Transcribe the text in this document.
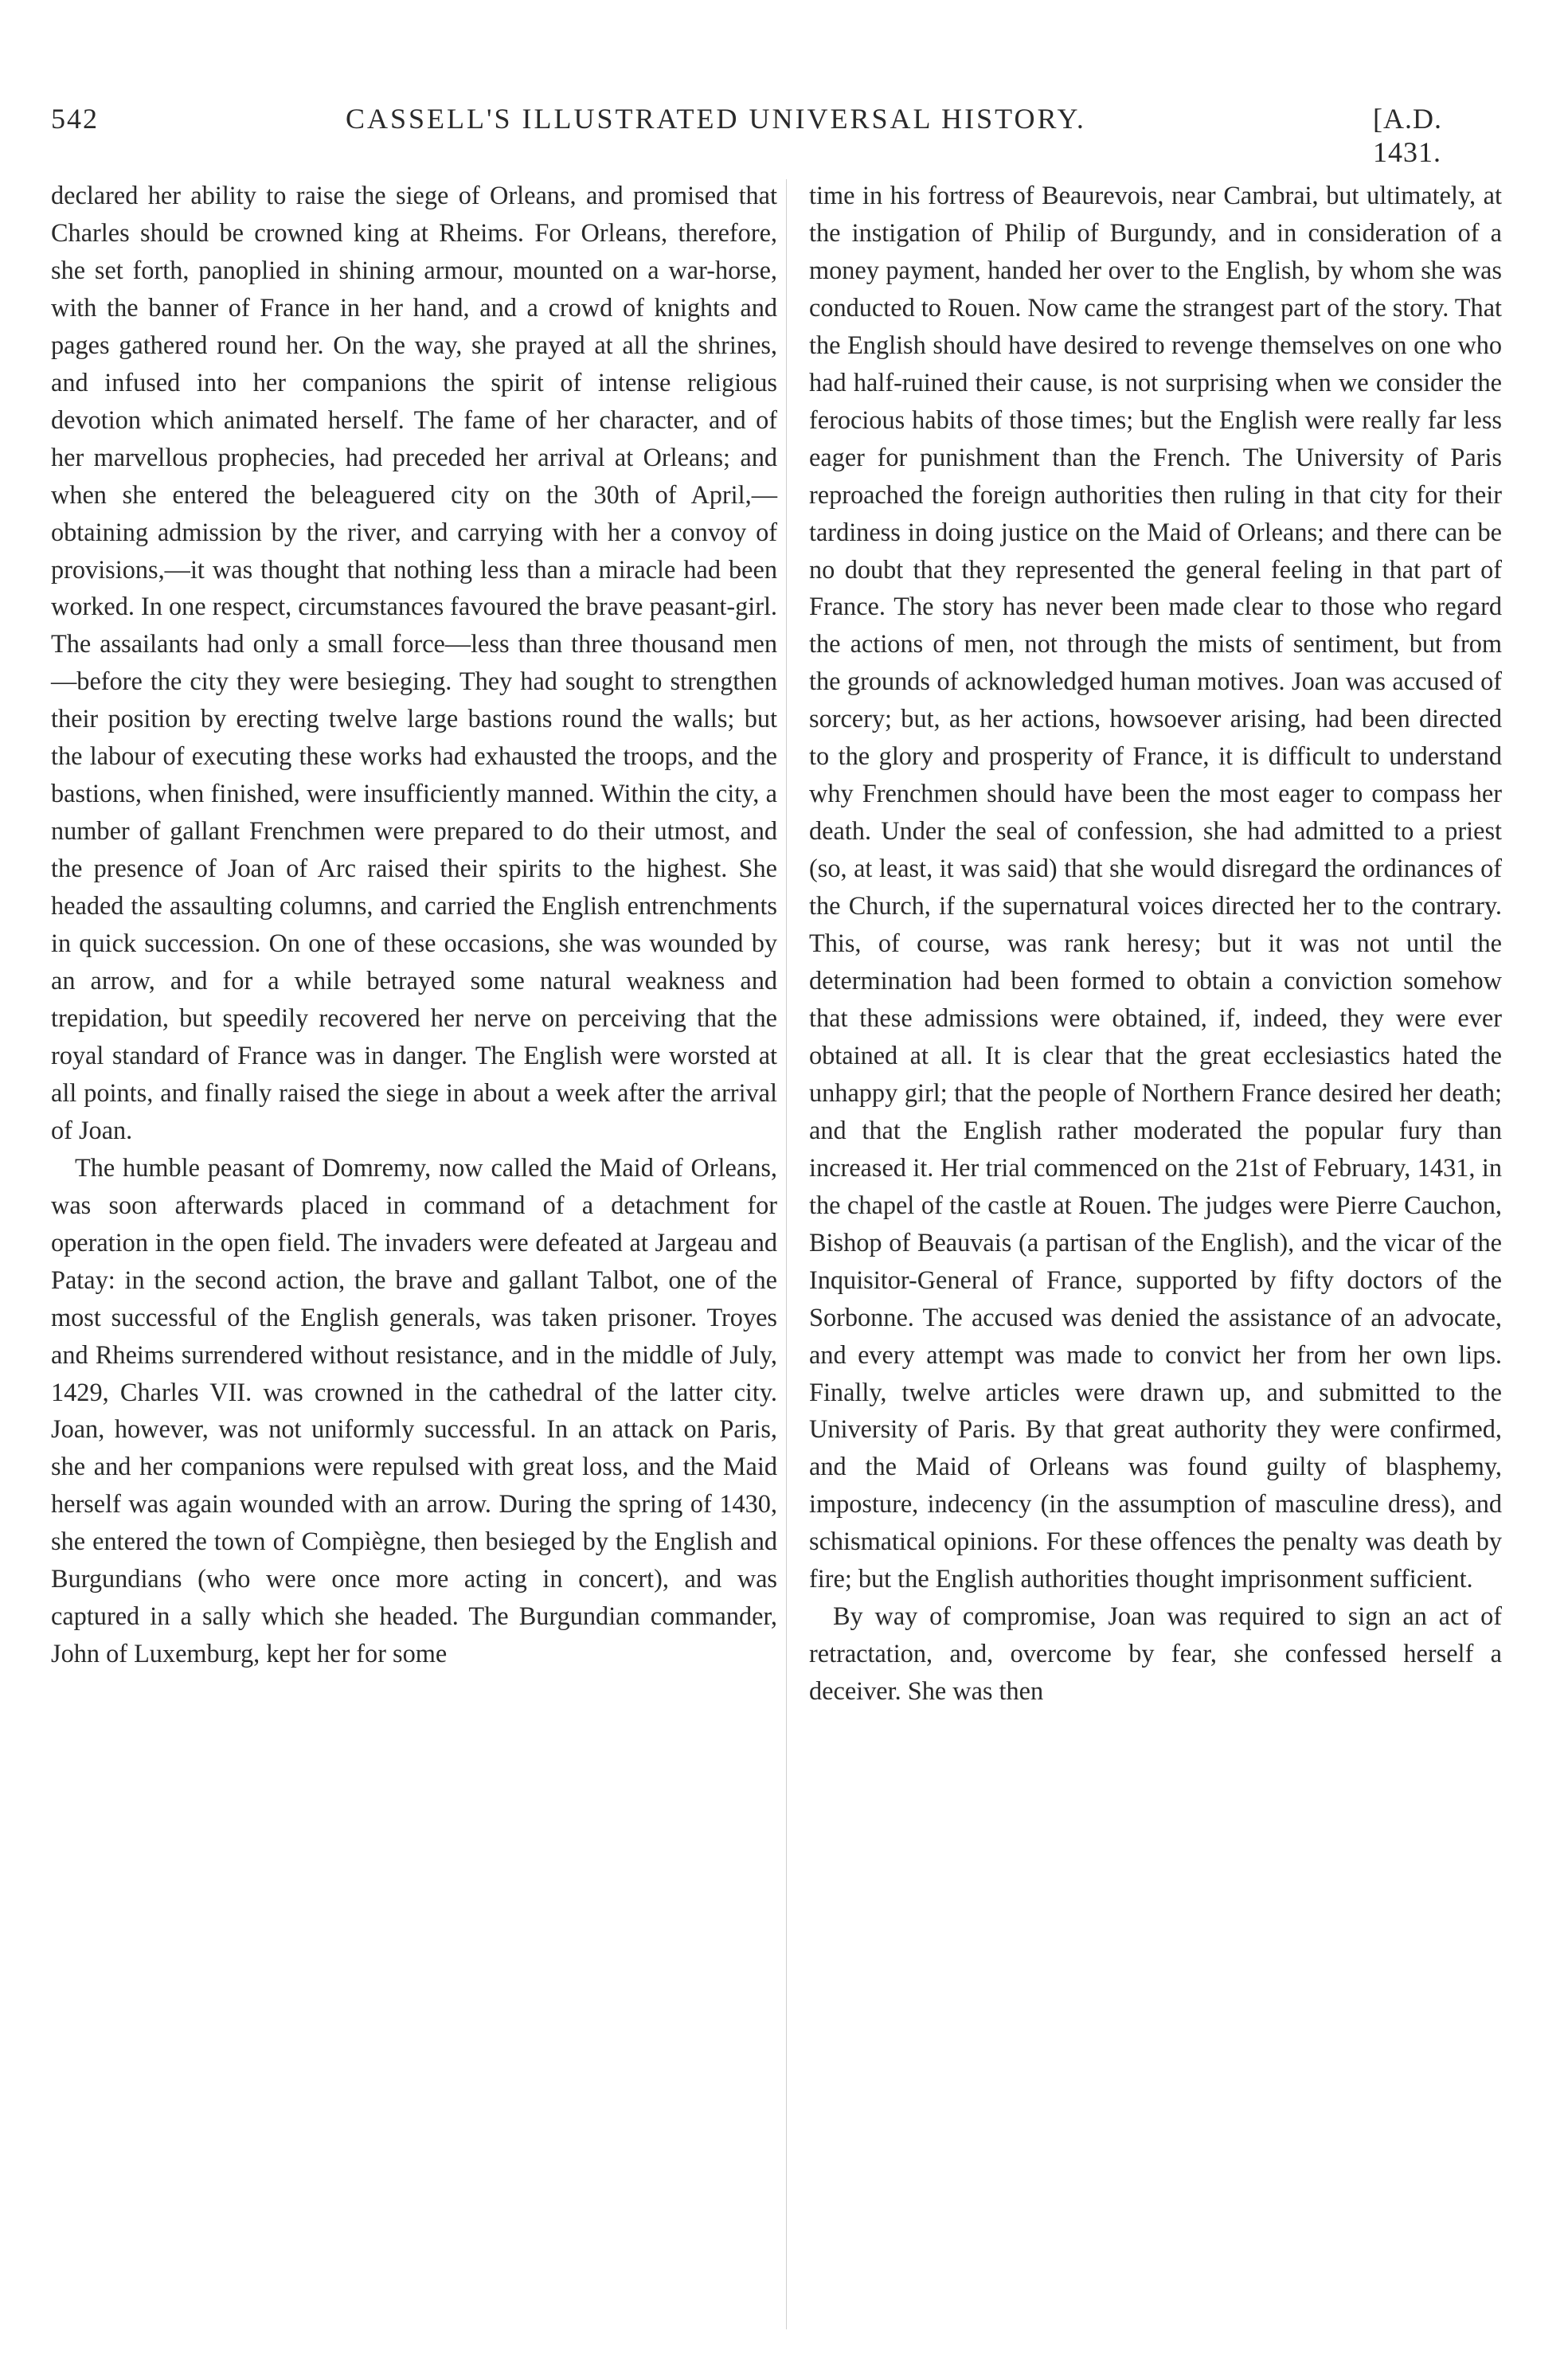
542	CASSELL'S ILLUSTRATED UNIVERSAL HISTORY.	[A.D. 1431.

declared her ability to raise the siege of Orleans, and promised that Charles should be crowned king at Rheims. For Orleans, therefore, she set forth, panoplied in shining armour, mounted on a war-horse, with the banner of France in her hand, and a crowd of knights and pages gathered round her. On the way, she prayed at all the shrines, and infused into her companions the spirit of intense religious devotion which animated herself. The fame of her character, and of her marvellous prophecies, had preceded her arrival at Orleans; and when she entered the beleaguered city on the 30th of April,—obtaining admission by the river, and carrying with her a convoy of provisions,—it was thought that nothing less than a miracle had been worked. In one respect, circumstances favoured the brave peasant-girl. The assailants had only a small force—less than three thousand men—before the city they were besieging. They had sought to strengthen their position by erecting twelve large bastions round the walls; but the labour of executing these works had exhausted the troops, and the bastions, when finished, were insufficiently manned. Within the city, a number of gallant Frenchmen were prepared to do their utmost, and the presence of Joan of Arc raised their spirits to the highest. She headed the assaulting columns, and carried the English entrenchments in quick succession. On one of these occasions, she was wounded by an arrow, and for a while betrayed some natural weakness and trepidation, but speedily recovered her nerve on perceiving that the royal standard of France was in danger. The English were worsted at all points, and finally raised the siege in about a week after the arrival of Joan.

The humble peasant of Domremy, now called the Maid of Orleans, was soon afterwards placed in command of a detachment for operation in the open field. The invaders were defeated at Jargeau and Patay: in the second action, the brave and gallant Talbot, one of the most successful of the English generals, was taken prisoner. Troyes and Rheims surrendered without resistance, and in the middle of July, 1429, Charles VII. was crowned in the cathedral of the latter city. Joan, however, was not uniformly successful. In an attack on Paris, she and her companions were repulsed with great loss, and the Maid herself was again wounded with an arrow. During the spring of 1430, she entered the town of Compiègne, then besieged by the English and Burgundians (who were once more acting in concert), and was captured in a sally which she headed. The Burgundian commander, John of Luxemburg, kept her for some

time in his fortress of Beaurevois, near Cambrai, but ultimately, at the instigation of Philip of Burgundy, and in consideration of a money payment, handed her over to the English, by whom she was conducted to Rouen. Now came the strangest part of the story. That the English should have desired to revenge themselves on one who had half-ruined their cause, is not surprising when we consider the ferocious habits of those times; but the English were really far less eager for punishment than the French. The University of Paris reproached the foreign authorities then ruling in that city for their tardiness in doing justice on the Maid of Orleans; and there can be no doubt that they represented the general feeling in that part of France. The story has never been made clear to those who regard the actions of men, not through the mists of sentiment, but from the grounds of acknowledged human motives. Joan was accused of sorcery; but, as her actions, howsoever arising, had been directed to the glory and prosperity of France, it is difficult to understand why Frenchmen should have been the most eager to compass her death. Under the seal of confession, she had admitted to a priest (so, at least, it was said) that she would disregard the ordinances of the Church, if the supernatural voices directed her to the contrary. This, of course, was rank heresy; but it was not until the determination had been formed to obtain a conviction somehow that these admissions were obtained, if, indeed, they were ever obtained at all. It is clear that the great ecclesiastics hated the unhappy girl; that the people of Northern France desired her death; and that the English rather moderated the popular fury than increased it. Her trial commenced on the 21st of February, 1431, in the chapel of the castle at Rouen. The judges were Pierre Cauchon, Bishop of Beauvais (a partisan of the English), and the vicar of the Inquisitor-General of France, supported by fifty doctors of the Sorbonne. The accused was denied the assistance of an advocate, and every attempt was made to convict her from her own lips. Finally, twelve articles were drawn up, and submitted to the University of Paris. By that great authority they were confirmed, and the Maid of Orleans was found guilty of blasphemy, imposture, indecency (in the assumption of masculine dress), and schismatical opinions. For these offences the penalty was death by fire; but the English authorities thought imprisonment sufficient.

By way of compromise, Joan was required to sign an act of retractation, and, overcome by fear, she confessed herself a deceiver. She was then
